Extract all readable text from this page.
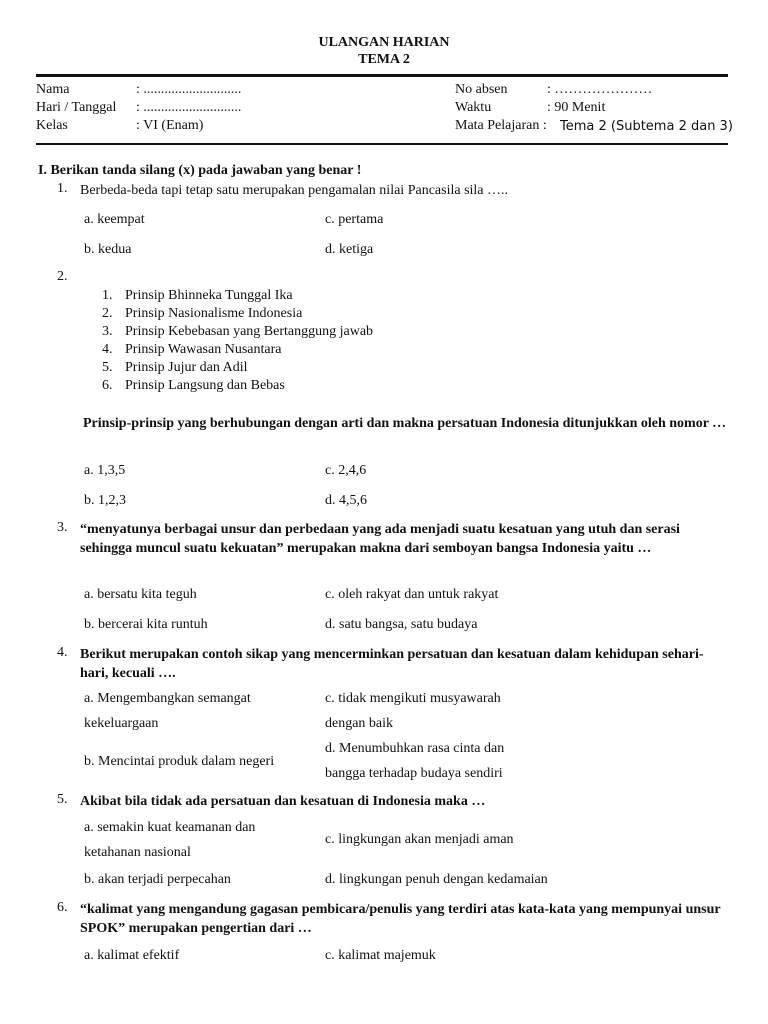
ULANGAN HARIAN
TEMA 2
Nama	: ............................
Hari / Tanggal : ............................
Kelas	: VI (Enam)
No absen	: …………………
Waktu	: 90 Menit
Mata Pelajaran : Tema 2 (Subtema 2 dan 3)
I. Berikan tanda silang (x) pada jawaban yang benar !
1. Berbeda-beda tapi tetap satu merupakan pengamalan nilai Pancasila sila …..
a. keempat
b. kedua
c. pertama
d. ketiga
2.
1. Prinsip Bhinneka Tunggal Ika
2. Prinsip Nasionalisme Indonesia
3. Prinsip Kebebasan yang Bertanggung jawab
4. Prinsip Wawasan Nusantara
5. Prinsip Jujur dan Adil
6. Prinsip Langsung dan Bebas
Prinsip-prinsip yang berhubungan dengan arti dan makna persatuan Indonesia ditunjukkan oleh nomor …
a. 1,3,5
b. 1,2,3
c. 2,4,6
d. 4,5,6
3. “menyatunya berbagai unsur dan perbedaan yang ada menjadi suatu kesatuan yang utuh dan serasi sehingga muncul suatu kekuatan” merupakan makna dari semboyan bangsa Indonesia yaitu …
a. bersatu kita teguh
b. bercerai kita runtuh
c. oleh rakyat dan untuk rakyat
d. satu bangsa, satu budaya
4. Berikut merupakan contoh sikap yang mencerminkan persatuan dan kesatuan dalam kehidupan sehari-hari, kecuali ….
a. Mengembangkan semangat kekeluargaan
b. Mencintai produk dalam negeri
c. tidak mengikuti musyawarah dengan baik
d. Menumbuhkan rasa cinta dan bangga terhadap budaya sendiri
5. Akibat bila tidak ada persatuan dan kesatuan di Indonesia maka …
a. semakin kuat keamanan dan ketahanan nasional
b. akan terjadi perpecahan
c. lingkungan akan menjadi aman
d. lingkungan penuh dengan kedamaian
6. “kalimat yang mengandung gagasan pembicara/penulis yang terdiri atas kata-kata yang mempunyai unsur SPOK” merupakan pengertian dari …
a. kalimat efektif	c. kalimat majemuk
